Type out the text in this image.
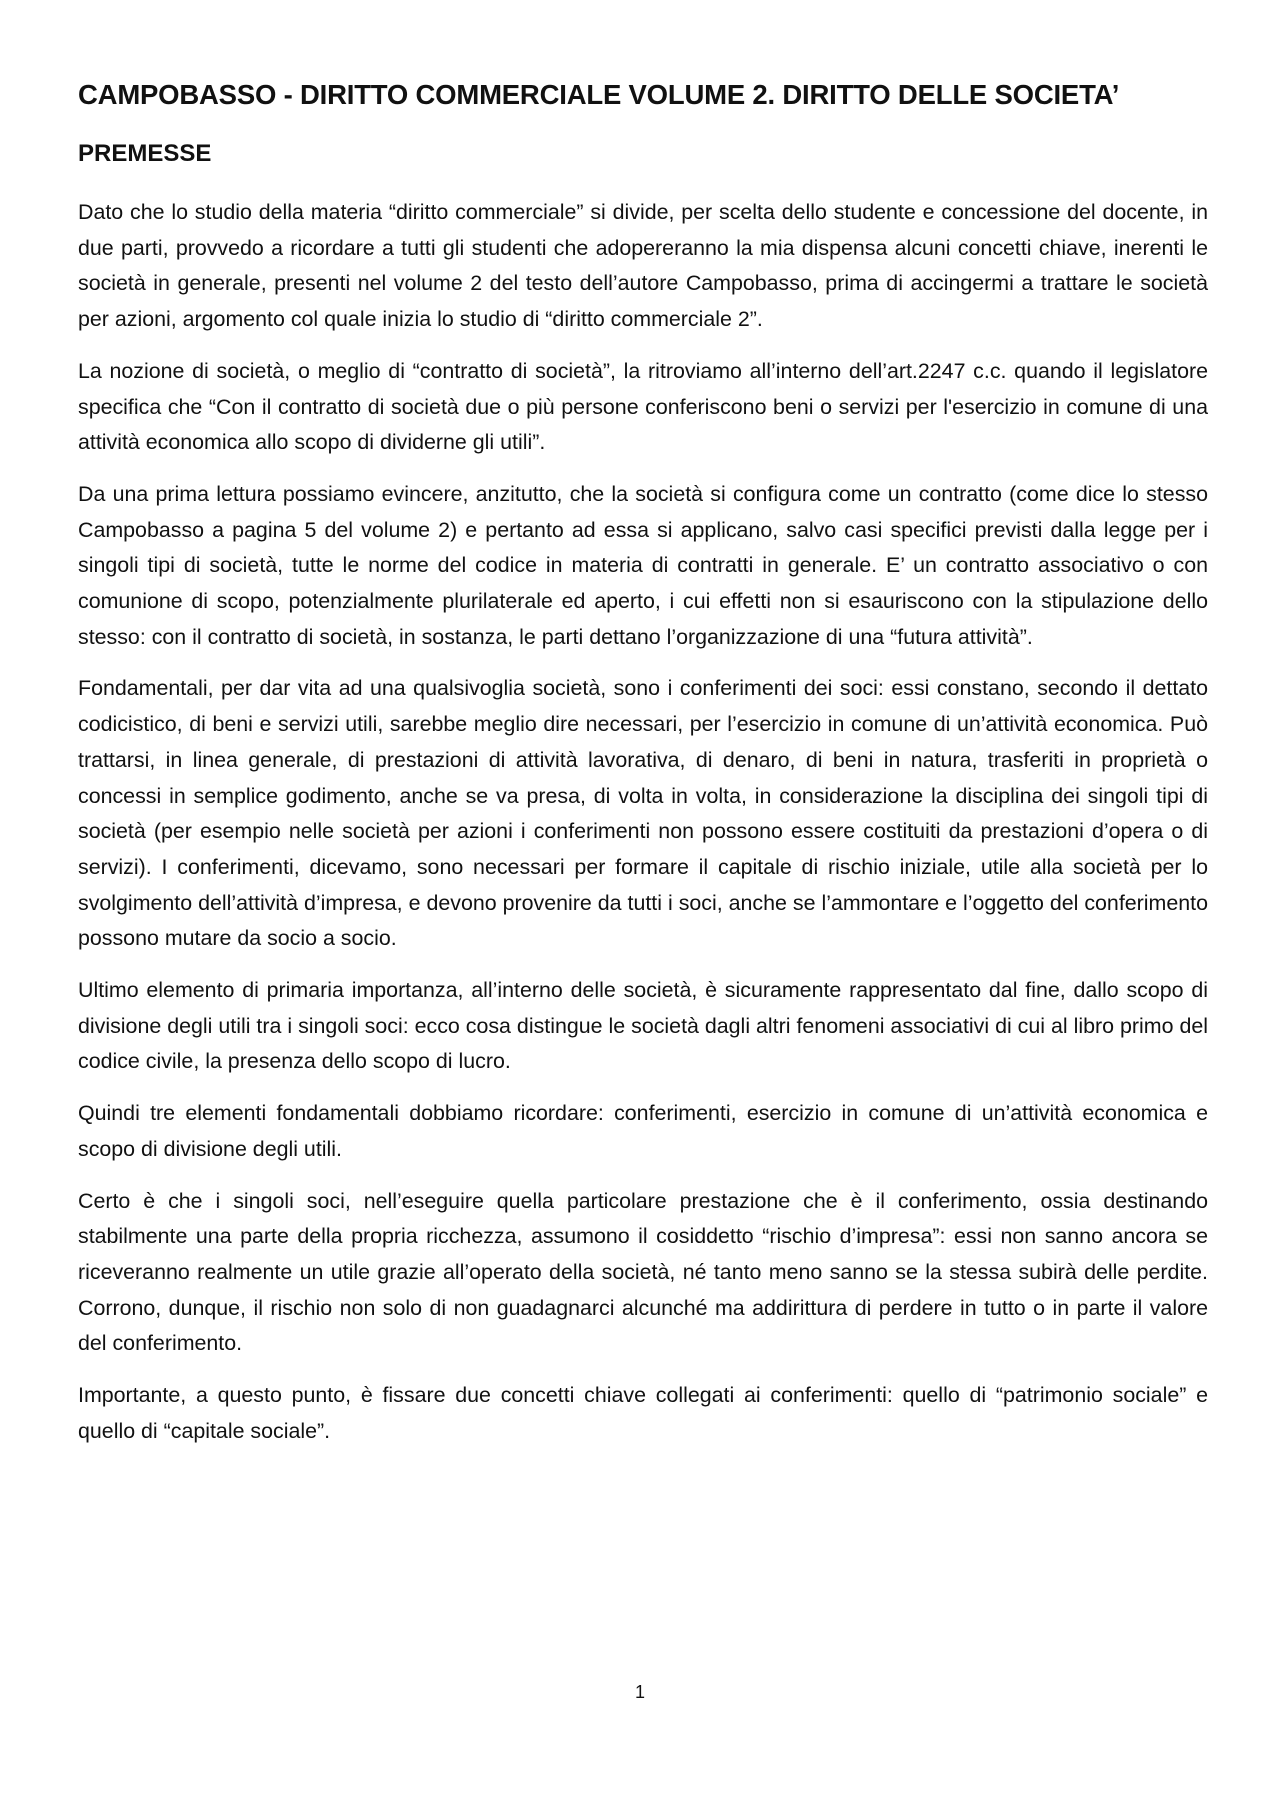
CAMPOBASSO - DIRITTO COMMERCIALE VOLUME 2. DIRITTO DELLE SOCIETA’
PREMESSE

Dato che lo studio della materia “diritto commerciale” si divide, per scelta dello studente e concessione del docente, in due parti, provvedo a ricordare a tutti gli studenti che adopereranno la mia dispensa alcuni concetti chiave, inerenti le società in generale, presenti nel volume 2 del testo dell’autore Campobasso, prima di accingermi a trattare le società per azioni, argomento col quale inizia lo studio di “diritto commerciale 2”.

La nozione di società, o meglio di “contratto di società”, la ritroviamo all’interno dell’art.2247 c.c. quando il legislatore specifica che “Con il contratto di società due o più persone conferiscono beni o servizi per l'esercizio in comune di una attività economica allo scopo di dividerne gli utili”.

Da una prima lettura possiamo evincere, anzitutto, che la società si configura come un contratto (come dice lo stesso Campobasso a pagina 5 del volume 2) e pertanto ad essa si applicano, salvo casi specifici previsti dalla legge per i singoli tipi di società, tutte le norme del codice in materia di contratti in generale. E’ un contratto associativo o con comunione di scopo, potenzialmente plurilaterale ed aperto, i cui effetti non si esauriscono con la stipulazione dello stesso: con il contratto di società, in sostanza, le parti dettano l’organizzazione di una “futura attività”.

Fondamentali, per dar vita ad una qualsivoglia società, sono i conferimenti dei soci: essi constano, secondo il dettato codicistico, di beni e servizi utili, sarebbe meglio dire necessari, per l’esercizio in comune di un’attività economica. Può trattarsi, in linea generale, di prestazioni di attività lavorativa, di denaro, di beni in natura, trasferiti in proprietà o concessi in semplice godimento, anche se va presa, di volta in volta, in considerazione la disciplina dei singoli tipi di società (per esempio nelle società per azioni i conferimenti non possono essere costituiti da prestazioni d’opera o di servizi). I conferimenti, dicevamo, sono necessari per formare il capitale di rischio iniziale, utile alla società per lo svolgimento dell’attività d’impresa, e devono provenire da tutti i soci, anche se l’ammontare e l’oggetto del conferimento possono mutare da socio a socio.

Ultimo elemento di primaria importanza, all’interno delle società, è sicuramente rappresentato dal fine, dallo scopo di divisione degli utili tra i singoli soci: ecco cosa distingue le società dagli altri fenomeni associativi di cui al libro primo del codice civile, la presenza dello scopo di lucro.

Quindi tre elementi fondamentali dobbiamo ricordare: conferimenti, esercizio in comune di un’attività economica e scopo di divisione degli utili.

Certo è che i singoli soci, nell’eseguire quella particolare prestazione che è il conferimento, ossia destinando stabilmente una parte della propria ricchezza, assumono il cosiddetto “rischio d’impresa”: essi non sanno ancora se riceveranno realmente un utile grazie all’operato della società, né tanto meno sanno se la stessa subirà delle perdite. Corrono, dunque, il rischio non solo di non guadagnarci alcunché ma addirittura di perdere in tutto o in parte il valore del conferimento.

Importante, a questo punto, è fissare due concetti chiave collegati ai conferimenti: quello di “patrimonio sociale” e quello di “capitale sociale”.

1
